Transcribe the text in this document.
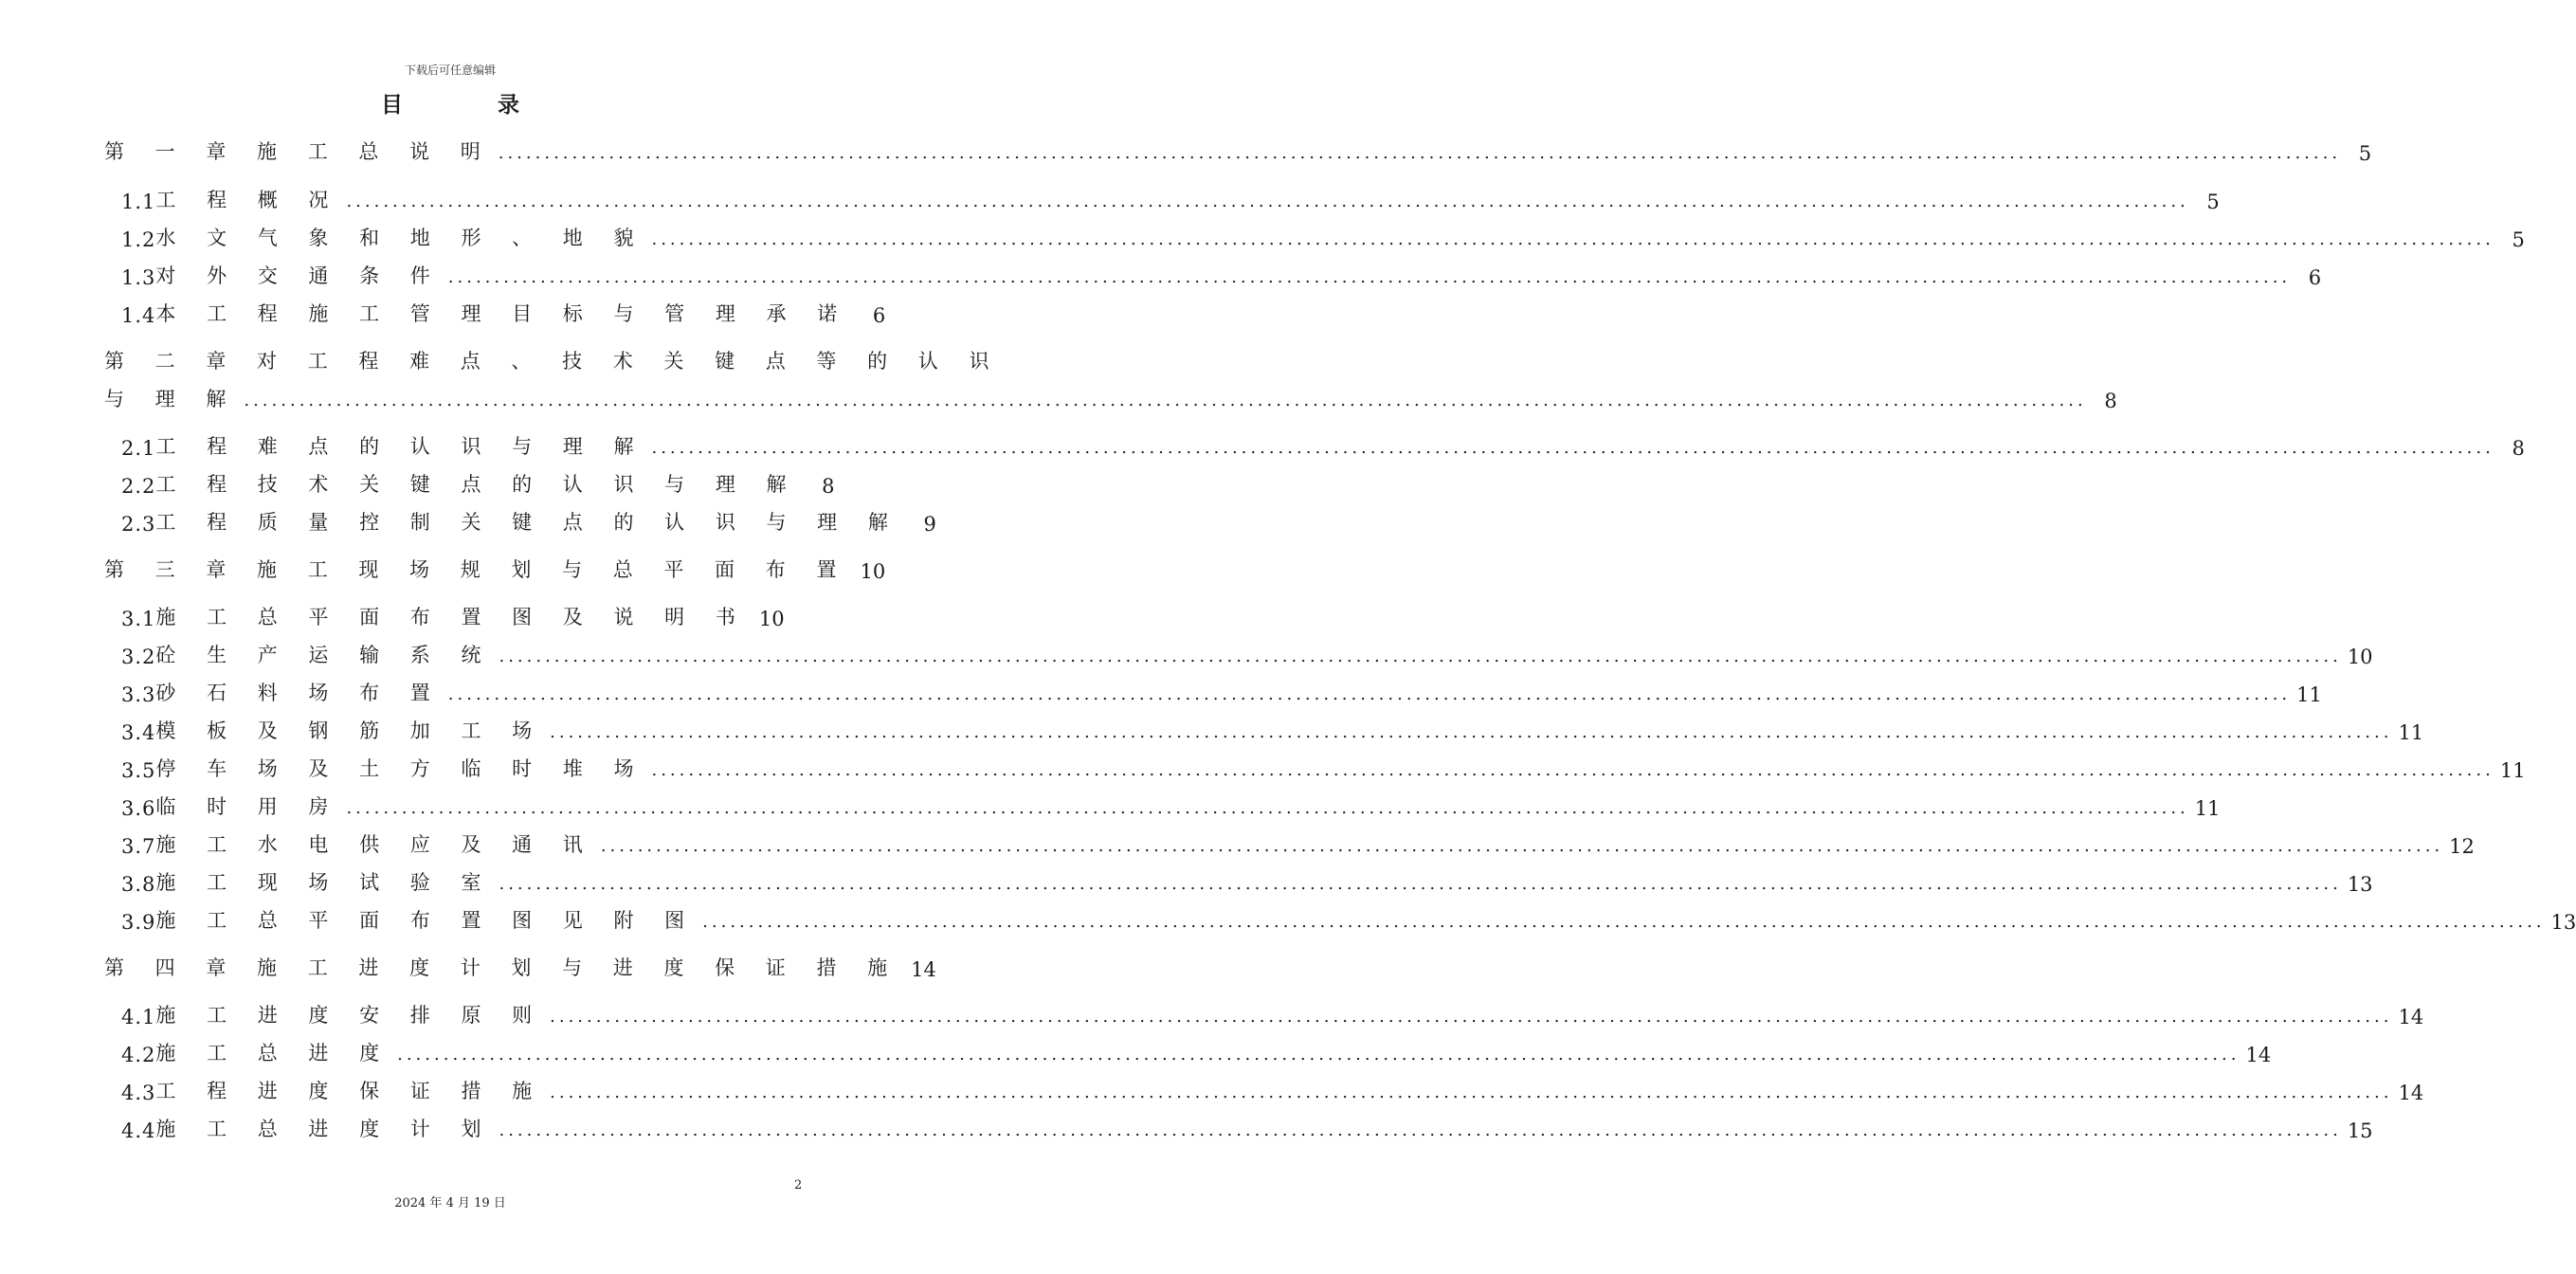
下载后可任意编辑
目	录
第 一 章 施 工 总 说 明 ........................................................................................................................................................................................................ 5
1.1 工 程 概 况 ........................................................................................................................................................................................................ 5
1.2 水 文 气 象 和 地 形 、 地 貌 ........................................................................................................................................................................................................ 5
1.3 对 外 交 通 条 件 ........................................................................................................................................................................................................ 6
1.4 本 工 程 施 工 管 理 目 标 与 管 理 承 诺	6
第 二 章 对 工 程 难 点 、 技 术 关 键 点 等 的 认 识
与 理 解 ........................................................................................................................................................................................................ 8
2.1 工 程 难 点 的 认 识 与 理 解 ........................................................................................................................................................................................................ 8
2.2 工 程 技 术 关 键 点 的 认 识 与 理 解	8
2.3 工 程 质 量 控 制 关 键 点 的 认 识 与 理 解	9
第 三 章 施 工 现 场 规 划 与 总 平 面 布 置 10
3.1 施 工 总 平 面 布 置 图 及 说 明 书 10
3.2 砼 生 产 运 输 系 统 ........................................................................................................................................................................................................ 10
3.3 砂 石 料 场 布 置 ........................................................................................................................................................................................................ 11
3.4 模 板 及 钢 筋 加 工 场 ........................................................................................................................................................................................................ 11
3.5 停 车 场 及 土 方 临 时 堆 场 ........................................................................................................................................................................................................ 11
3.6 临 时 用 房 ........................................................................................................................................................................................................ 11
3.7 施 工 水 电 供 应 及 通 讯 ........................................................................................................................................................................................................ 12
3.8 施 工 现 场 试 验 室 ........................................................................................................................................................................................................ 13
3.9 施 工 总 平 面 布 置 图 见 附 图 ........................................................................................................................................................................................................ 13
第 四 章 施 工 进 度 计 划 与 进 度 保 证 措 施 14
4.1 施 工 进 度 安 排 原 则 ........................................................................................................................................................................................................ 14
4.2 施 工 总 进 度 ........................................................................................................................................................................................................ 14
4.3 工 程 进 度 保 证 措 施 ........................................................................................................................................................................................................ 14
4.4 施 工 总 进 度 计 划 ........................................................................................................................................................................................................ 15
2
2024 年 4 月 19 日
